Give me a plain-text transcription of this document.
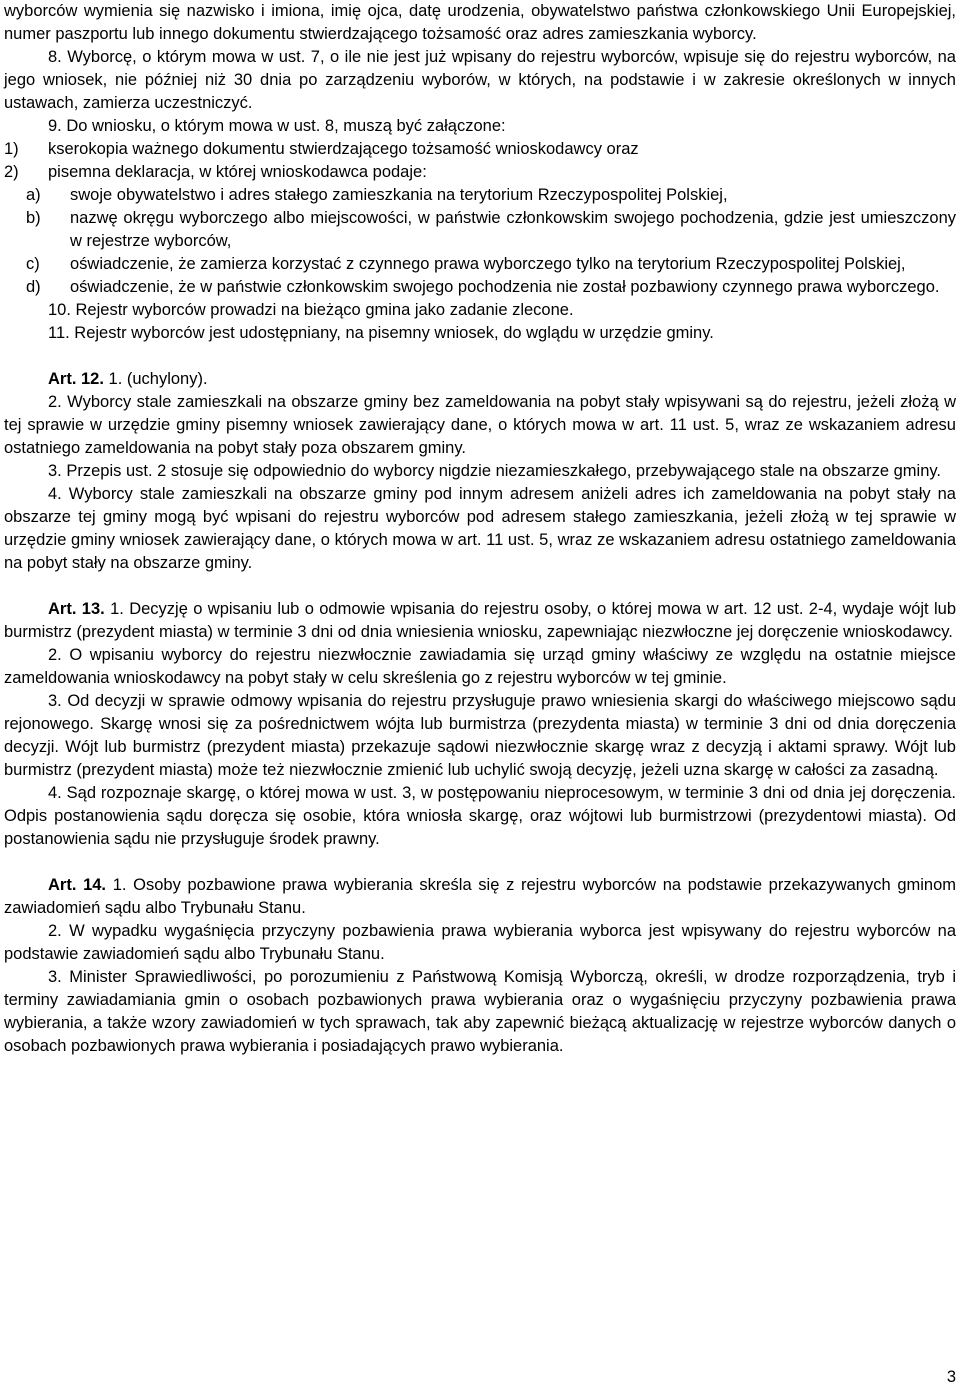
wyborców wymienia się nazwisko i imiona, imię ojca, datę urodzenia, obywatelstwo państwa członkowskiego Unii Europejskiej, numer paszportu lub innego dokumentu stwierdzającego tożsamość oraz adres zamieszkania wyborcy.

8. Wyborcę, o którym mowa w ust. 7, o ile nie jest już wpisany do rejestru wyborców, wpisuje się do rejestru wyborców, na jego wniosek, nie później niż 30 dnia po zarządzeniu wyborów, w których, na podstawie i w zakresie określonych w innych ustawach, zamierza uczestniczyć.

9. Do wniosku, o którym mowa w ust. 8, muszą być załączone:

1)	kserokopia ważnego dokumentu stwierdzającego tożsamość wnioskodawcy oraz
2)	pisemna deklaracja, w której wnioskodawca podaje:
a)	swoje obywatelstwo i adres stałego zamieszkania na terytorium Rzeczypospolitej Polskiej,
b)	nazwę okręgu wyborczego albo miejscowości, w państwie członkowskim swojego pochodzenia, gdzie jest umieszczony w rejestrze wyborców,
c)	oświadczenie, że zamierza korzystać z czynnego prawa wyborczego tylko na terytorium Rzeczypospolitej Polskiej,
d)	oświadczenie, że w państwie członkowskim swojego pochodzenia nie został pozbawiony czynnego prawa wyborczego.

10. Rejestr wyborców prowadzi na bieżąco gmina jako zadanie zlecone.

11. Rejestr wyborców jest udostępniany, na pisemny wniosek, do wglądu w urzędzie gminy.

Art. 12. 1. (uchylony).

2. Wyborcy stale zamieszkali na obszarze gminy bez zameldowania na pobyt stały wpisywani są do rejestru, jeżeli złożą w tej sprawie w urzędzie gminy pisemny wniosek zawierający dane, o których mowa w art. 11 ust. 5, wraz ze wskazaniem adresu ostatniego zameldowania na pobyt stały poza obszarem gminy.

3. Przepis ust. 2 stosuje się odpowiednio do wyborcy nigdzie niezamieszkałego, przebywającego stale na obszarze gminy.

4. Wyborcy stale zamieszkali na obszarze gminy pod innym adresem aniżeli adres ich zameldowania na pobyt stały na obszarze tej gminy mogą być wpisani do rejestru wyborców pod adresem stałego zamieszkania, jeżeli złożą w tej sprawie w urzędzie gminy wniosek zawierający dane, o których mowa w art. 11 ust. 5, wraz ze wskazaniem adresu ostatniego zameldowania na pobyt stały na obszarze gminy.

Art. 13. 1. Decyzję o wpisaniu lub o odmowie wpisania do rejestru osoby, o której mowa w art. 12 ust. 2-4, wydaje wójt lub burmistrz (prezydent miasta) w terminie 3 dni od dnia wniesienia wniosku, zapewniając niezwłoczne jej doręczenie wnioskodawcy.

2. O wpisaniu wyborcy do rejestru niezwłocznie zawiadamia się urząd gminy właściwy ze względu na ostatnie miejsce zameldowania wnioskodawcy na pobyt stały w celu skreślenia go z rejestru wyborców w tej gminie.

3. Od decyzji w sprawie odmowy wpisania do rejestru przysługuje prawo wniesienia skargi do właściwego miejscowo sądu rejonowego. Skargę wnosi się za pośrednictwem wójta lub burmistrza (prezydenta miasta) w terminie 3 dni od dnia doręczenia decyzji. Wójt lub burmistrz (prezydent miasta) przekazuje sądowi niezwłocznie skargę wraz z decyzją i aktami sprawy. Wójt lub burmistrz (prezydent miasta) może też niezwłocznie zmienić lub uchylić swoją decyzję, jeżeli uzna skargę w całości za zasadną.

4. Sąd rozpoznaje skargę, o której mowa w ust. 3, w postępowaniu nieprocesowym, w terminie 3 dni od dnia jej doręczenia. Odpis postanowienia sądu doręcza się osobie, która wniosła skargę, oraz wójtowi lub burmistrzowi (prezydentowi miasta). Od postanowienia sądu nie przysługuje środek prawny.

Art. 14. 1. Osoby pozbawione prawa wybierania skreśla się z rejestru wyborców na podstawie przekazywanych gminom zawiadomień sądu albo Trybunału Stanu.

2. W wypadku wygaśnięcia przyczyny pozbawienia prawa wybierania wyborca jest wpisywany do rejestru wyborców na podstawie zawiadomień sądu albo Trybunału Stanu.

3. Minister Sprawiedliwości, po porozumieniu z Państwową Komisją Wyborczą, określi, w drodze rozporządzenia, tryb i terminy zawiadamiania gmin o osobach pozbawionych prawa wybierania oraz o wygaśnięciu przyczyny pozbawienia prawa wybierania, a także wzory zawiadomień w tych sprawach, tak aby zapewnić bieżącą aktualizację w rejestrze wyborców danych o osobach pozbawionych prawa wybierania i posiadających prawo wybierania.

3
